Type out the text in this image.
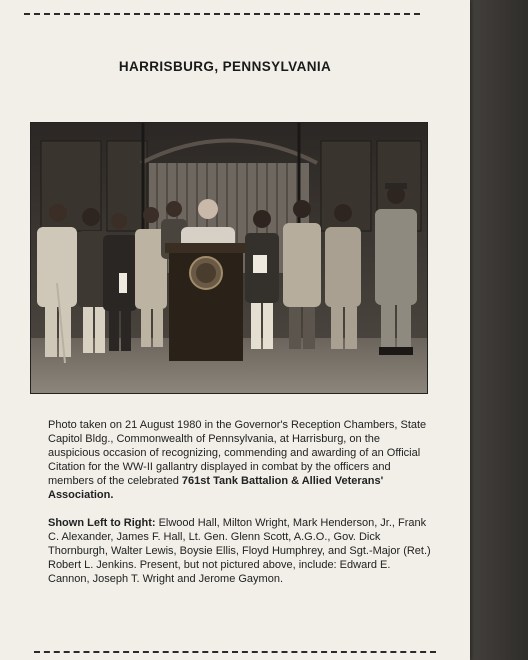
HARRISBURG, PENNSYLVANIA

Photo taken on 21 August 1980 in the Governor's Reception Chambers, State Capitol Bldg., Commonwealth of Pennsylvania, at Harrisburg, on the auspicious occasion of recognizing, commending and awarding of an Official Citation for the WW-II gallantry displayed in combat by the officers and members of the celebrated 761st Tank Battalion & Allied Veterans' Association.

Shown Left to Right: Elwood Hall, Milton Wright, Mark Henderson, Jr., Frank C. Alexander, James F. Hall, Lt. Gen. Glenn Scott, A.G.O., Gov. Dick Thornburgh, Walter Lewis, Boysie Ellis, Floyd Humphrey, and Sgt.-Major (Ret.) Robert L. Jenkins. Present, but not pictured above, include: Edward E. Cannon, Joseph T. Wright and Jerome Gaymon.
